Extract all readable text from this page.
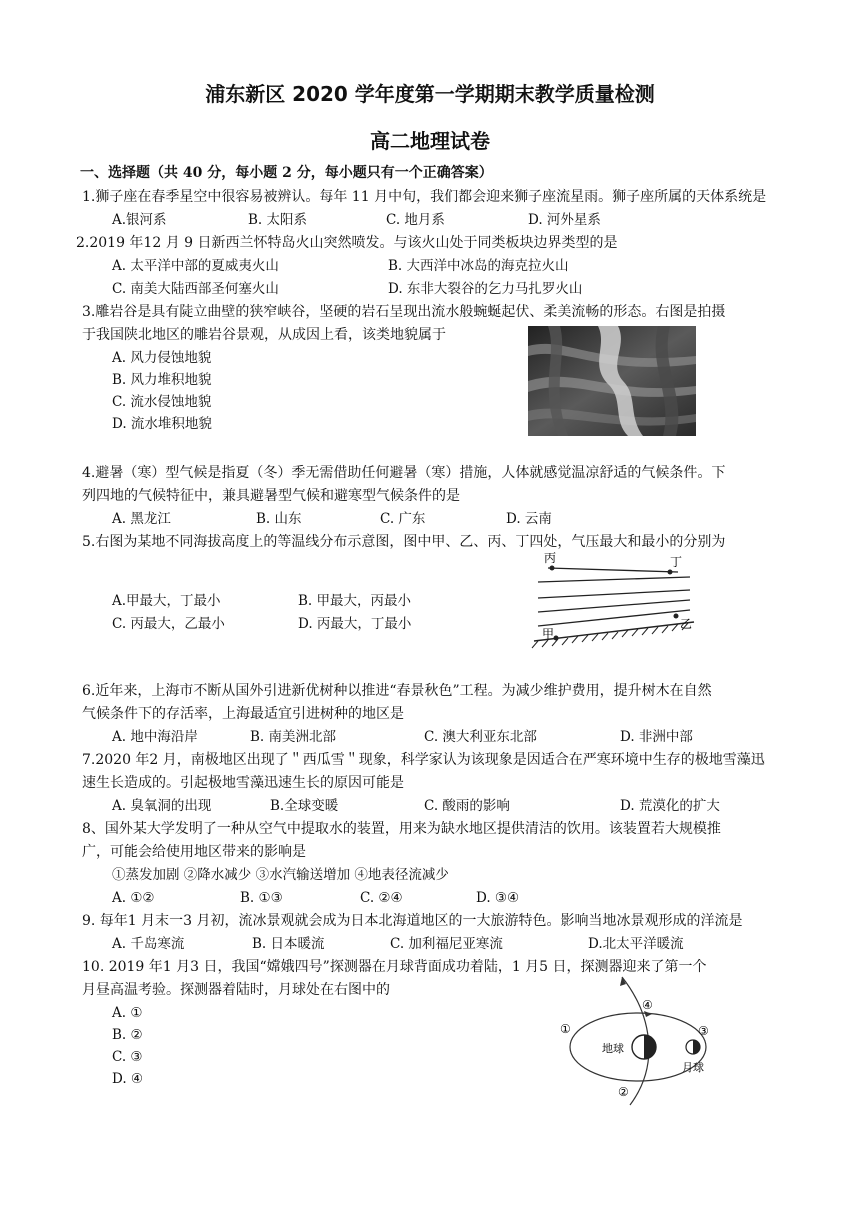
浦东新区 2020 学年度第一学期期末教学质量检测
高二地理试卷
一、选择题（共 40 分，每小题 2 分，每小题只有一个正确答案）
1.狮子座在春季星空中很容易被辨认。每年 11 月中旬，我们都会迎来狮子座流星雨。狮子座所属的天体系统是
A.银河系	B. 太阳系	C. 地月系	D. 河外星系
2.2019 年12 月 9 日新西兰怀特岛火山突然喷发。与该火山处于同类板块边界类型的是
A. 太平洋中部的夏威夷火山	B. 大西洋中冰岛的海克拉火山
C. 南美大陆西部圣何塞火山	D. 东非大裂谷的乞力马扎罗火山
3.雕岩谷是具有陡立曲壁的狭窄峡谷，坚硬的岩石呈现出流水般蜿蜒起伏、柔美流畅的形态。右图是拍摄
于我国陕北地区的雕岩谷景观，从成因上看，该类地貌属于
A. 风力侵蚀地貌
B. 风力堆积地貌
C. 流水侵蚀地貌
D. 流水堆积地貌
4.避暑（寒）型气候是指夏（冬）季无需借助任何避暑（寒）措施，人体就感觉温凉舒适的气候条件。下
列四地的气候特征中，兼具避暑型气候和避寒型气候条件的是
A. 黑龙江	B. 山东	C. 广东	D. 云南
5.右图为某地不同海拔高度上的等温线分布示意图，图中甲、乙、丙、丁四处，气压最大和最小的分别为
A.甲最大，丁最小	B. 甲最大，丙最小
C. 丙最大，乙最小	D. 丙最大，丁最小
丙	丁
甲
乙
6.近年来，上海市不断从国外引进新优树种以推进“春景秋色”工程。为减少维护费用，提升树木在自然
气候条件下的存活率，上海最适宜引进树种的地区是
A. 地中海沿岸	B. 南美洲北部	C. 澳大利亚东北部	D. 非洲中部
7.2020 年2 月，南极地区出现了＂西瓜雪＂现象，科学家认为该现象是因适合在严寒环境中生存的极地雪藻迅
速生长造成的。引起极地雪藻迅速生长的原因可能是
A. 臭氧洞的出现	B.全球变暖	C. 酸雨的影响	D. 荒漠化的扩大
8、国外某大学发明了一种从空气中提取水的装置，用来为缺水地区提供清洁的饮用。该装置若大规模推
广，可能会给使用地区带来的影响是
①蒸发加剧 ②降水减少 ③水汽输送增加 ④地表径流减少
A. ①②	B. ①③	C. ②④	D. ③④
9. 每年1 月末一3 月初，流冰景观就会成为日本北海道地区的一大旅游特色。影响当地冰景观形成的洋流是
A. 千岛寒流	B. 日本暖流	C. 加利福尼亚寒流	D.北太平洋暖流
10. 2019 年1 月3 日，我国“嫦娥四号”探测器在月球背面成功着陆，1 月5 日，探测器迎来了第一个
月昼高温考验。探测器着陆时，月球处在右图中的
A. ①
B. ②
C. ③
D. ④
地球
月球
①
②
③
④
